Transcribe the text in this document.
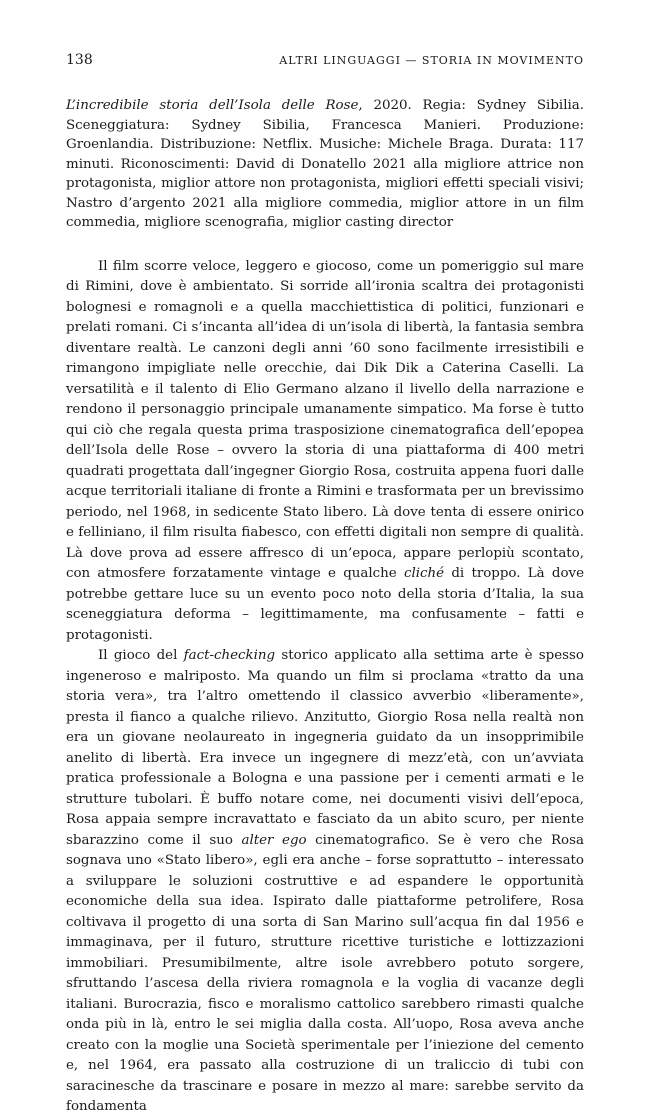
138	ALTRI LINGUAGGI — STORIA IN MOVIMENTO

L’incredibile storia dell’Isola delle Rose, 2020. Regia: Sydney Sibilia. Sceneggiatura: Sydney Sibilia, Francesca Manieri. Produzione: Groenlandia. Distribuzione: Netflix. Musiche: Michele Braga. Durata: 117 minuti. Riconoscimenti: David di Donatello 2021 alla migliore attrice non protagonista, miglior attore non protagonista, migliori effetti speciali visivi; Nastro d’argento 2021 alla migliore commedia, miglior attore in un film commedia, migliore scenografia, miglior casting director

Il film scorre veloce, leggero e giocoso, come un pomeriggio sul mare di Rimini, dove è ambientato. Si sorride all’ironia scaltra dei protagonisti bolognesi e romagnoli e a quella macchiettistica di politici, funzionari e prelati romani. Ci s’incanta all’idea di un’isola di libertà, la fantasia sembra diventare realtà. Le canzoni degli anni ’60 sono facilmente irresistibili e rimangono impigliate nelle orecchie, dai Dik Dik a Caterina Caselli. La versatilità e il talento di Elio Germano alzano il livello della narrazione e rendono il personaggio principale umanamente simpatico. Ma forse è tutto qui ciò che regala questa prima trasposizione cinematografica dell’epopea dell’Isola delle Rose – ovvero la storia di una piattaforma di 400 metri quadrati progettata dall’ingegner Giorgio Rosa, costruita appena fuori dalle acque territoriali italiane di fronte a Rimini e trasformata per un brevissimo periodo, nel 1968, in sedicente Stato libero. Là dove tenta di essere onirico e felliniano, il film risulta fiabesco, con effetti digitali non sempre di qualità. Là dove prova ad essere affresco di un’epoca, appare perlopiù scontato, con atmosfere forzatamente vintage e qualche cliché di troppo. Là dove potrebbe gettare luce su un evento poco noto della storia d’Italia, la sua sceneggiatura deforma – legittimamente, ma confusamente – fatti e protagonisti.

Il gioco del fact-checking storico applicato alla settima arte è spesso ingeneroso e malriposto. Ma quando un film si proclama «tratto da una storia vera», tra l’altro omettendo il classico avverbio «liberamente», presta il fianco a qualche rilievo. Anzitutto, Giorgio Rosa nella realtà non era un giovane neolaureato in ingegneria guidato da un insopprimibile anelito di libertà. Era invece un ingegnere di mezz’età, con un’avviata pratica professionale a Bologna e una passione per i cementi armati e le strutture tubolari. È buffo notare come, nei documenti visivi dell’epoca, Rosa appaia sempre incravattato e fasciato da un abito scuro, per niente sbarazzino come il suo alter ego cinematografico. Se è vero che Rosa sognava uno «Stato libero», egli era anche – forse soprattutto – interessato a sviluppare le soluzioni costruttive e ad espandere le opportunità economiche della sua idea. Ispirato dalle piattaforme petrolifere, Rosa coltivava il progetto di una sorta di San Marino sull’acqua fin dal 1956 e immaginava, per il futuro, strutture ricettive turistiche e lottizzazioni immobiliari. Presumibilmente, altre isole avrebbero potuto sorgere, sfruttando l’ascesa della riviera romagnola e la voglia di vacanze degli italiani. Burocrazia, fisco e moralismo cattolico sarebbero rimasti qualche onda più in là, entro le sei miglia dalla costa. All’uopo, Rosa aveva anche creato con la moglie una Società sperimentale per l’iniezione del cemento e, nel 1964, era passato alla costruzione di un traliccio di tubi con saracinesche da trascinare e posare in mezzo al mare: sarebbe servito da fondamenta
